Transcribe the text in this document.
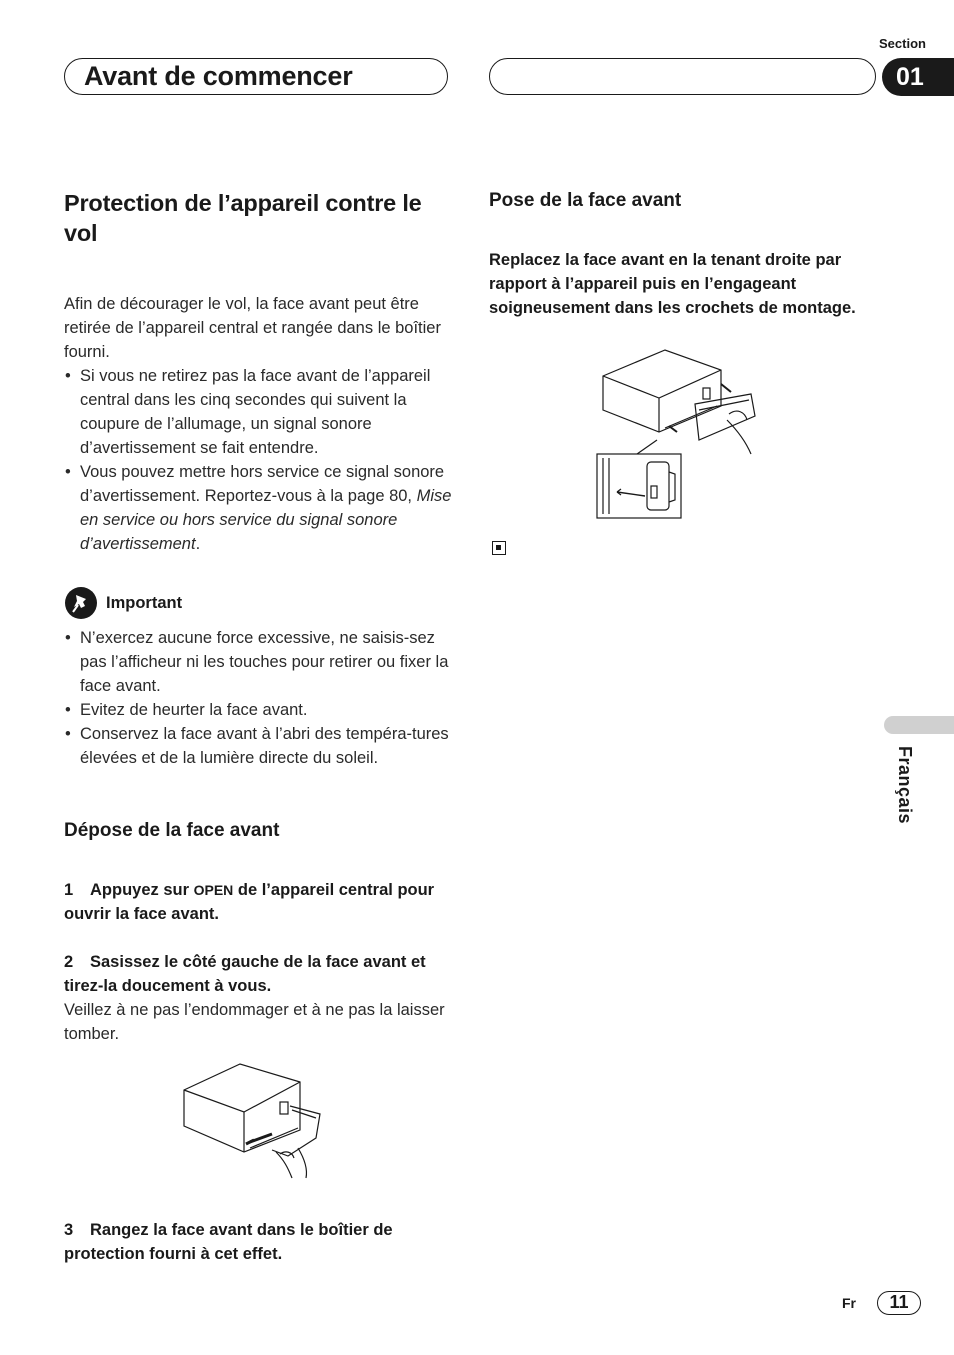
Section
Avant de commencer	01
Protection de l’appareil contre le vol

Afin de décourager le vol, la face avant peut être retirée de l’appareil central et rangée dans le boîtier fourni.

• Si vous ne retirez pas la face avant de l’appareil central dans les cinq secondes qui suivent la coupure de l’allumage, un signal sonore d’avertissement se fait entendre.
• Vous pouvez mettre hors service ce signal sonore d’avertissement. Reportez-vous à la page 80, Mise en service ou hors service du signal sonore d’avertissement.
Important
• N’exercez aucune force excessive, ne saisis-sez pas l’afficheur ni les touches pour retirer ou fixer la face avant.
• Evitez de heurter la face avant.
• Conservez la face avant à l’abri des tempéra-tures élevées et de la lumière directe du soleil.
Dépose de la face avant

1 Appuyez sur OPEN de l’appareil central pour ouvrir la face avant.

2 Sasissez le côté gauche de la face avant et tirez-la doucement à vous.

Veillez à ne pas l’endommager et à ne pas la laisser tomber.

3 Rangez la face avant dans le boîtier de protection fourni à cet effet.

Pose de la face avant

Replacez la face avant en la tenant droite par rapport à l’appareil puis en l’engageant soigneusement dans les crochets de montage.

Français
Fr	11
